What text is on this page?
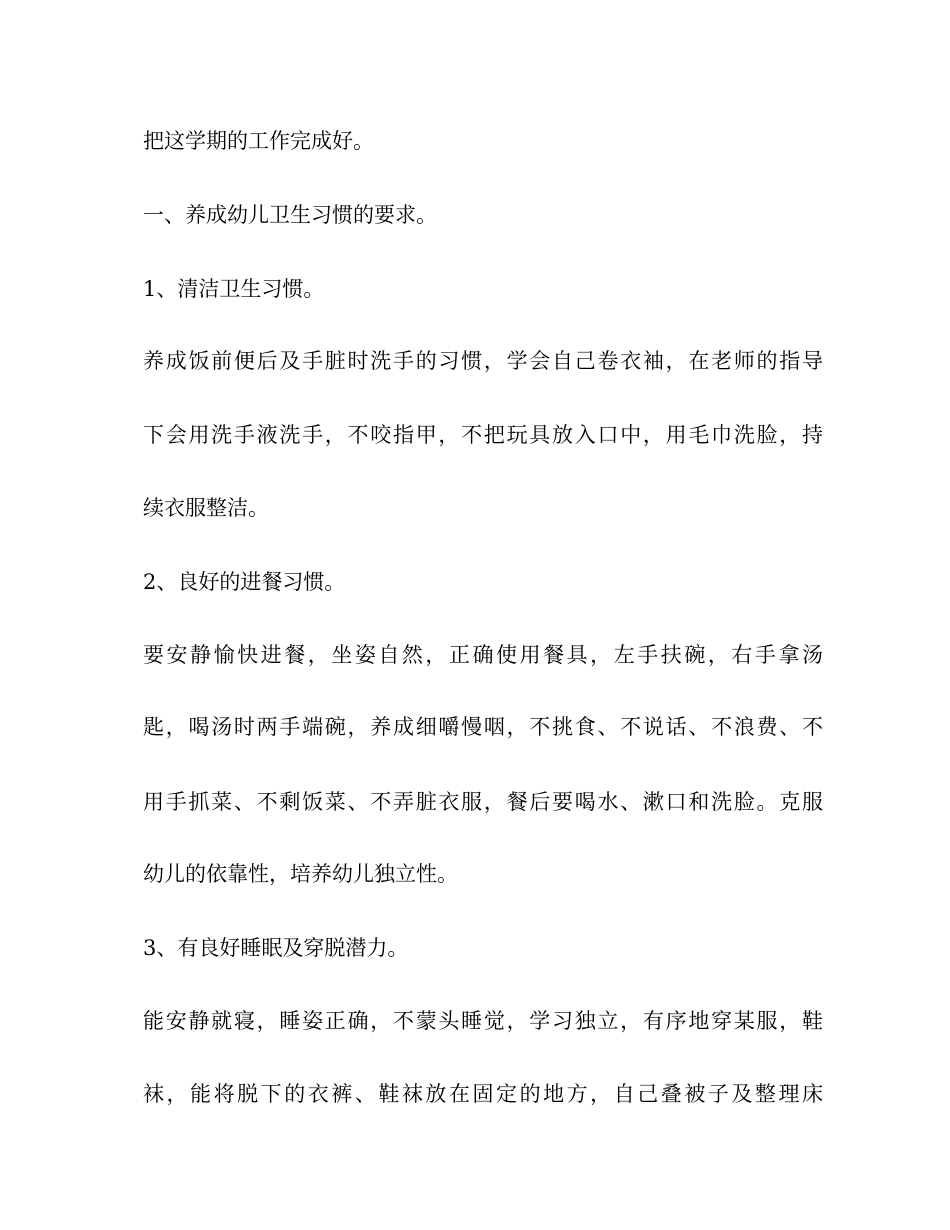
把这学期的工作完成好。
一、养成幼儿卫生习惯的要求。
1、清洁卫生习惯。
养成饭前便后及手脏时洗手的习惯，学会自己卷衣袖，在老师的指导
下会用洗手液洗手，不咬指甲，不把玩具放入口中，用毛巾洗脸，持
续衣服整洁。
2、良好的进餐习惯。
要安静愉快进餐，坐姿自然，正确使用餐具，左手扶碗，右手拿汤
匙，喝汤时两手端碗，养成细嚼慢咽，不挑食、不说话、不浪费、不
用手抓菜、不剩饭菜、不弄脏衣服，餐后要喝水、漱口和洗脸。克服
幼儿的依靠性，培养幼儿独立性。
3、有良好睡眠及穿脱潜力。
能安静就寝，睡姿正确，不蒙头睡觉，学习独立，有序地穿某服，鞋
袜，能将脱下的衣裤、鞋袜放在固定的地方，自己叠被子及整理床
